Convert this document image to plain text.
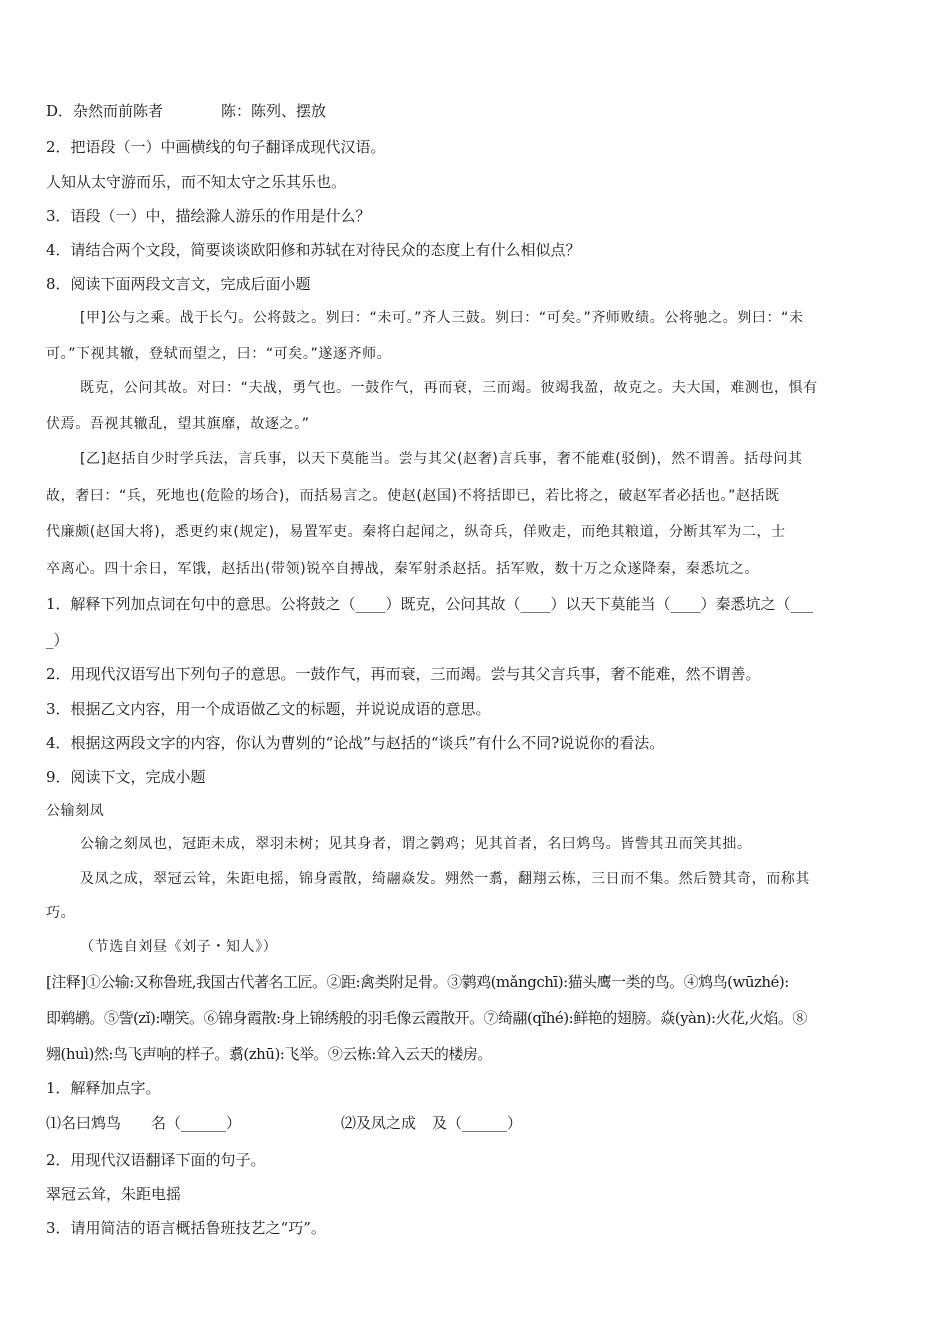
D．杂然而前陈者	陈：陈列、摆放
2．把语段（一）中画横线的句子翻译成现代汉语。
人知从太守游而乐，而不知太守之乐其乐也。
3．语段（一）中，描绘滁人游乐的作用是什么？
4．请结合两个文段，简要谈谈欧阳修和苏轼在对待民众的态度上有什么相似点？
8．阅读下面两段文言文，完成后面小题
[甲]公与之乘。战于长勺。公将鼓之。刿曰：“未可。”齐人三鼓。刿曰：“可矣。”齐师败绩。公将驰之。刿曰：“未
可。”下视其辙，登轼而望之，曰：“可矣。”遂逐齐师。
既克，公问其故。对曰：“夫战，勇气也。一鼓作气，再而衰，三而竭。彼竭我盈，故克之。夫大国，难测也，惧有
伏焉。吾视其辙乱，望其旗靡，故逐之。”
[乙]赵括自少时学兵法，言兵事，以天下莫能当。尝与其父(赵奢)言兵事，奢不能难(驳倒)，然不谓善。括母问其
故，奢曰：“兵，死地也(危险的场合)，而括易言之。使赵(赵国)不将括即已，若比将之，破赵军者必括也。”赵括既
代廉颇(赵国大将)，悉更约束(规定)，易置军吏。秦将白起闻之，纵奇兵，佯败走，而绝其粮道，分断其军为二，士
卒离心。四十余日，军饿，赵括出(带领)锐卒自搏战，秦军射杀赵括。括军败，数十万之众遂降秦，秦悉坑之。
1．解释下列加点词在句中的意思。公将鼓之（____）既克，公问其故（____）以天下莫能当（____）秦悉坑之（___
_）
2．用现代汉语写出下列句子的意思。一鼓作气，再而衰，三而竭。尝与其父言兵事，奢不能难，然不谓善。
3．根据乙文内容，用一个成语做乙文的标题，并说说成语的意思。
4．根据这两段文字的内容，你认为曹刿的“论战”与赵括的“谈兵”有什么不同?说说你的看法。
9．阅读下文，完成小题
公输刻凤
公输之刻凤也，冠距未成，翠羽未树；见其身者，谓之鹲鸡；见其首者，名曰鸩鸟。皆訾其丑而笑其拙。
及凤之成，翠冠云耸，朱距电摇，锦身霞散，绮翮焱发。翙然一翥，翻翔云栋，三日而不集。然后赞其奇，而称其
巧。
（节选自刘昼《刘子・知人》）
[注释]①公输:又称鲁班,我国古代著名工匠。②距:禽类附足骨。③鹲鸡(mǎngchī):猫头鹰一类的鸟。④鸩鸟(wūzhé):
即鹈鹕。⑤訾(zǐ):嘲笑。⑥锦身霞散:身上锦绣般的羽毛像云霞散开。⑦绮翮(qǐhé):鲜艳的翅膀。焱(yàn):火花,火焰。⑧
翙(huì)然:鸟飞声响的样子。翥(zhū):飞举。⑨云栋:耸入云天的楼房。
1．解释加点字。
⑴名曰鸩鸟 名（______）	⑵及凤之成 及（______）
2．用现代汉语翻译下面的句子。
翠冠云耸，朱距电摇
3．请用简洁的语言概括鲁班技艺之“巧”。
